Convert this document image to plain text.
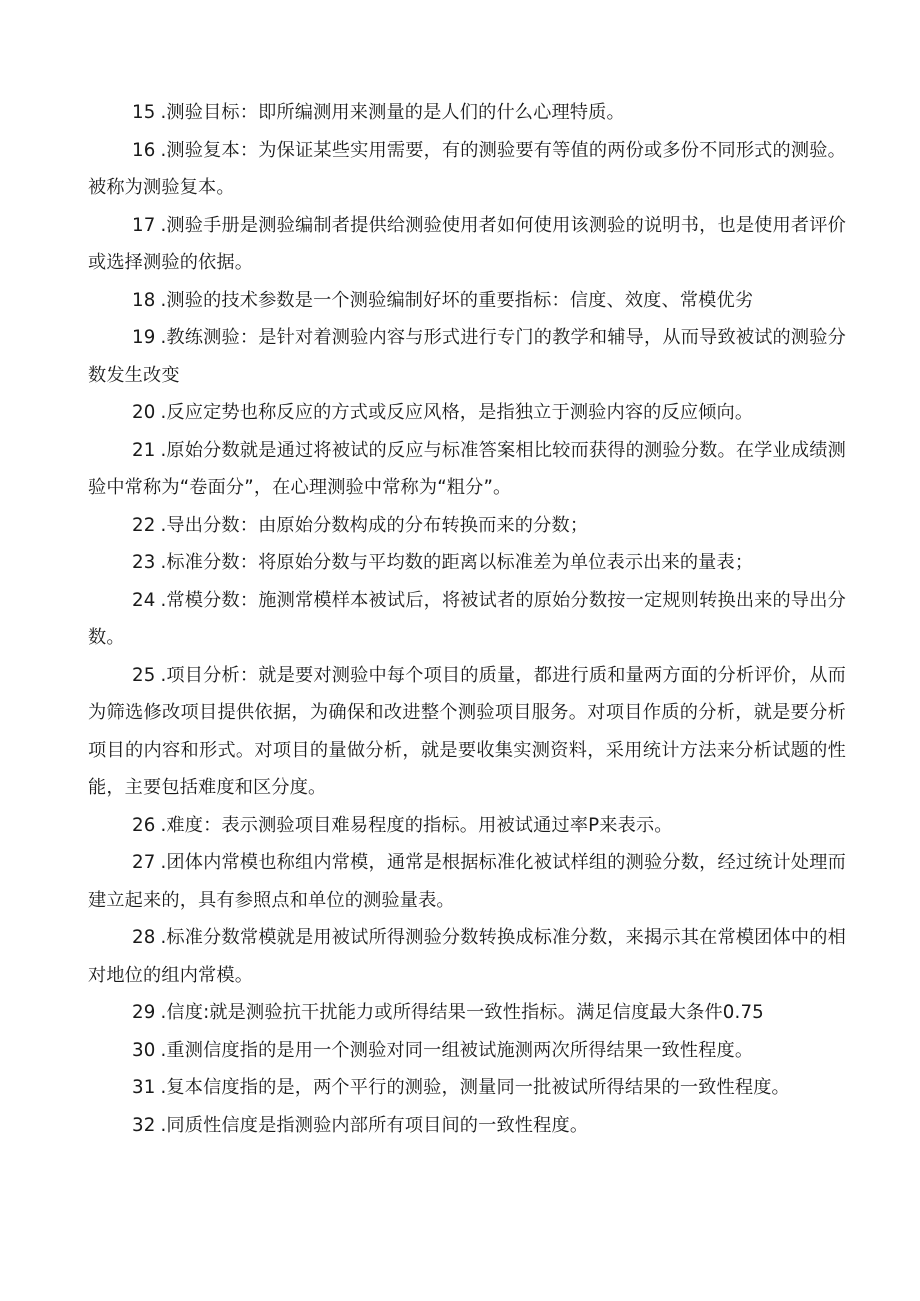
15 .测验目标：即所编测用来测量的是人们的什么心理特质。

16 .测验复本：为保证某些实用需要，有的测验要有等值的两份或多份不同形式的测验。被称为测验复本。

17 .测验手册是测验编制者提供给测验使用者如何使用该测验的说明书，也是使用者评价或选择测验的依据。

18 .测验的技术参数是一个测验编制好坏的重要指标：信度、效度、常模优劣

19 .教练测验：是针对着测验内容与形式进行专门的教学和辅导，从而导致被试的测验分数发生改变

20 .反应定势也称反应的方式或反应风格，是指独立于测验内容的反应倾向。

21 .原始分数就是通过将被试的反应与标准答案相比较而获得的测验分数。在学业成绩测验中常称为“卷面分”，在心理测验中常称为“粗分”。

22 .导出分数：由原始分数构成的分布转换而来的分数；

23 .标准分数：将原始分数与平均数的距离以标准差为单位表示出来的量表；

24 .常模分数：施测常模样本被试后，将被试者的原始分数按一定规则转换出来的导出分数。

25 .项目分析：就是要对测验中每个项目的质量，都进行质和量两方面的分析评价，从而为筛选修改项目提供依据，为确保和改进整个测验项目服务。对项目作质的分析，就是要分析项目的内容和形式。对项目的量做分析，就是要收集实测资料，采用统计方法来分析试题的性能，主要包括难度和区分度。

26 .难度：表示测验项目难易程度的指标。用被试通过率P来表示。

27 .团体内常模也称组内常模，通常是根据标准化被试样组的测验分数，经过统计处理而建立起来的，具有参照点和单位的测验量表。

28 .标准分数常模就是用被试所得测验分数转换成标准分数，来揭示其在常模团体中的相对地位的组内常模。

29 .信度:就是测验抗干扰能力或所得结果一致性指标。满足信度最大条件0.75

30 .重测信度指的是用一个测验对同一组被试施测两次所得结果一致性程度。

31 .复本信度指的是，两个平行的测验，测量同一批被试所得结果的一致性程度。

32 .同质性信度是指测验内部所有项目间的一致性程度。
